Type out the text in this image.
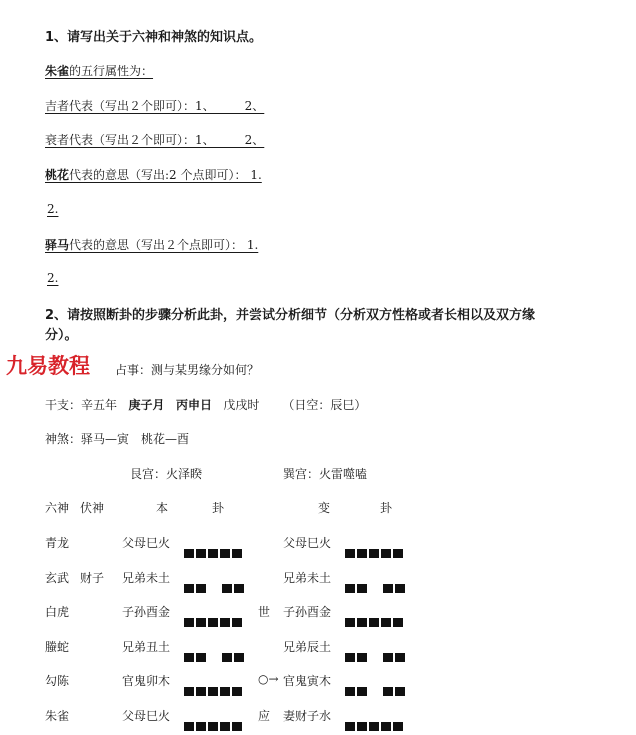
1、请写出关于六神和神煞的知识点。
朱雀的五行属性为：
吉者代表（写出２个即可）：1、　　　2、
衰者代表（写出２个即可）：1、　　　2、
桃花代表的意思（写出:2 个点即可）： 1.
2.
驿马代表的意思（写出２个点即可）： 1.
2.
2、请按照断卦的步骤分析此卦，并尝试分析细节（分析双方性格或者长相以及双方缘
分）。
九易教程 占事：测与某男缘分如何？
干支：辛五年 庚子月 丙申日 戊戌时 （日空：辰巳）
神煞：驿马—寅　桃花—酉
艮宫：火泽睽	巽宫：火雷噬嗑
六神 伏神	本	卦	变	卦
青龙	父母巳火	父母巳火
玄武 财子 兄弟未土	兄弟未土
白虎	子孙酉金	世 子孙酉金
螣蛇	兄弟丑土	兄弟辰土
勾陈	官鬼卯木	○→ 官鬼寅木
朱雀	父母巳火	应 妻财子水
